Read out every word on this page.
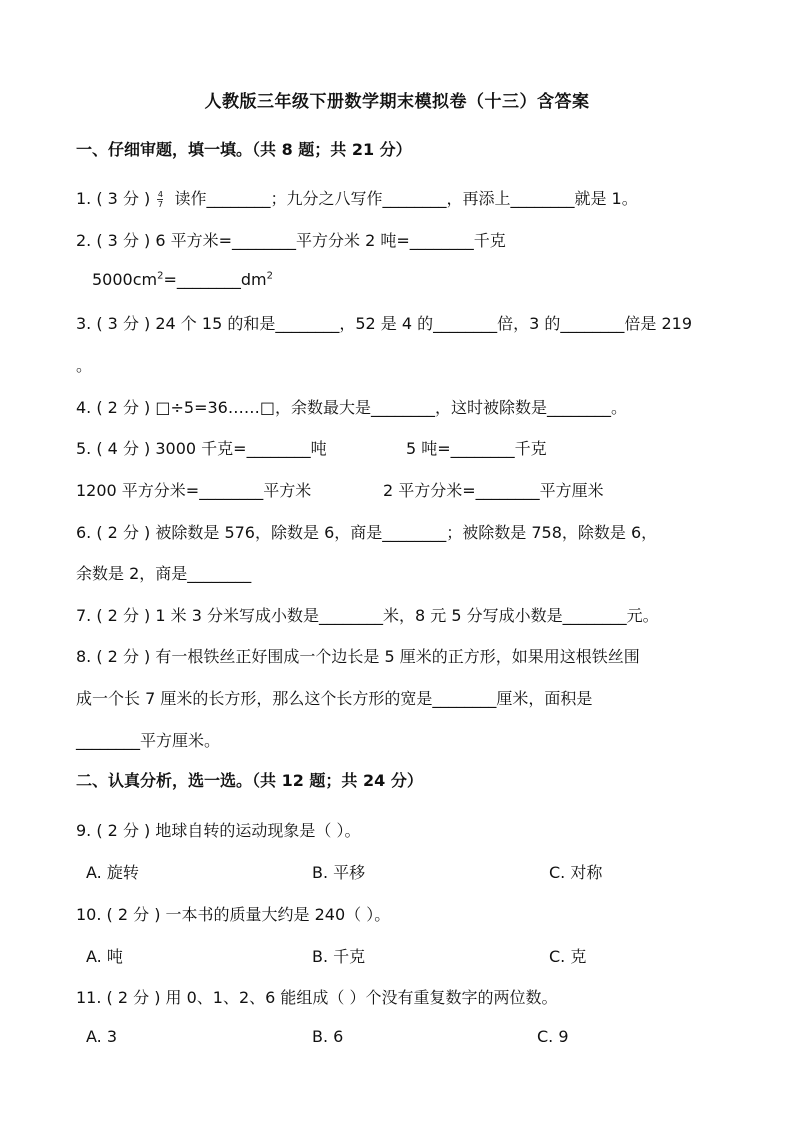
人教版三年级下册数学期末模拟卷（十三）含答案
一、仔细审题，填一填。（共 8 题；共 21 分）
1. ( 3 分 ) $\frac{4}{7}$ 读作________；九分之八写作________，再添上________就是 1。
2. ( 3 分 ) 6 平方米=________平方分米 2 吨=________千克
$5000cm^2=\_\_\_\_\_\_\_\_dm^2$
3. ( 3 分 ) 24 个 15 的和是________，52 是 4 的________倍，3 的________倍是 219
。
4. ( 2 分 ) □÷5=36……□，余数最大是________，这时被除数是________。
5. ( 4 分 ) 3000 千克=________吨	5 吨=________千克
1200 平方分米=________平方米	2 平方分米=________平方厘米
6. ( 2 分 ) 被除数是 576，除数是 6，商是________；被除数是 758，除数是 6，
余数是 2，商是________
7. ( 2 分 ) 1 米 3 分米写成小数是________米，8 元 5 分写成小数是________元。
8. ( 2 分 ) 有一根铁丝正好围成一个边长是 5 厘米的正方形，如果用这根铁丝围
成一个长 7 厘米的长方形，那么这个长方形的宽是________厘米，面积是
________平方厘米。
二、认真分析，选一选。（共 12 题；共 24 分）
9. ( 2 分 ) 地球自转的运动现象是（ ）。
A. 旋转	B. 平移	C. 对称
10. ( 2 分 ) 一本书的质量大约是 240（ ）。
A. 吨	B. 千克	C. 克
11. ( 2 分 ) 用 0、1、2、6 能组成（ ）个没有重复数字的两位数。
A. 3	B. 6	C. 9
